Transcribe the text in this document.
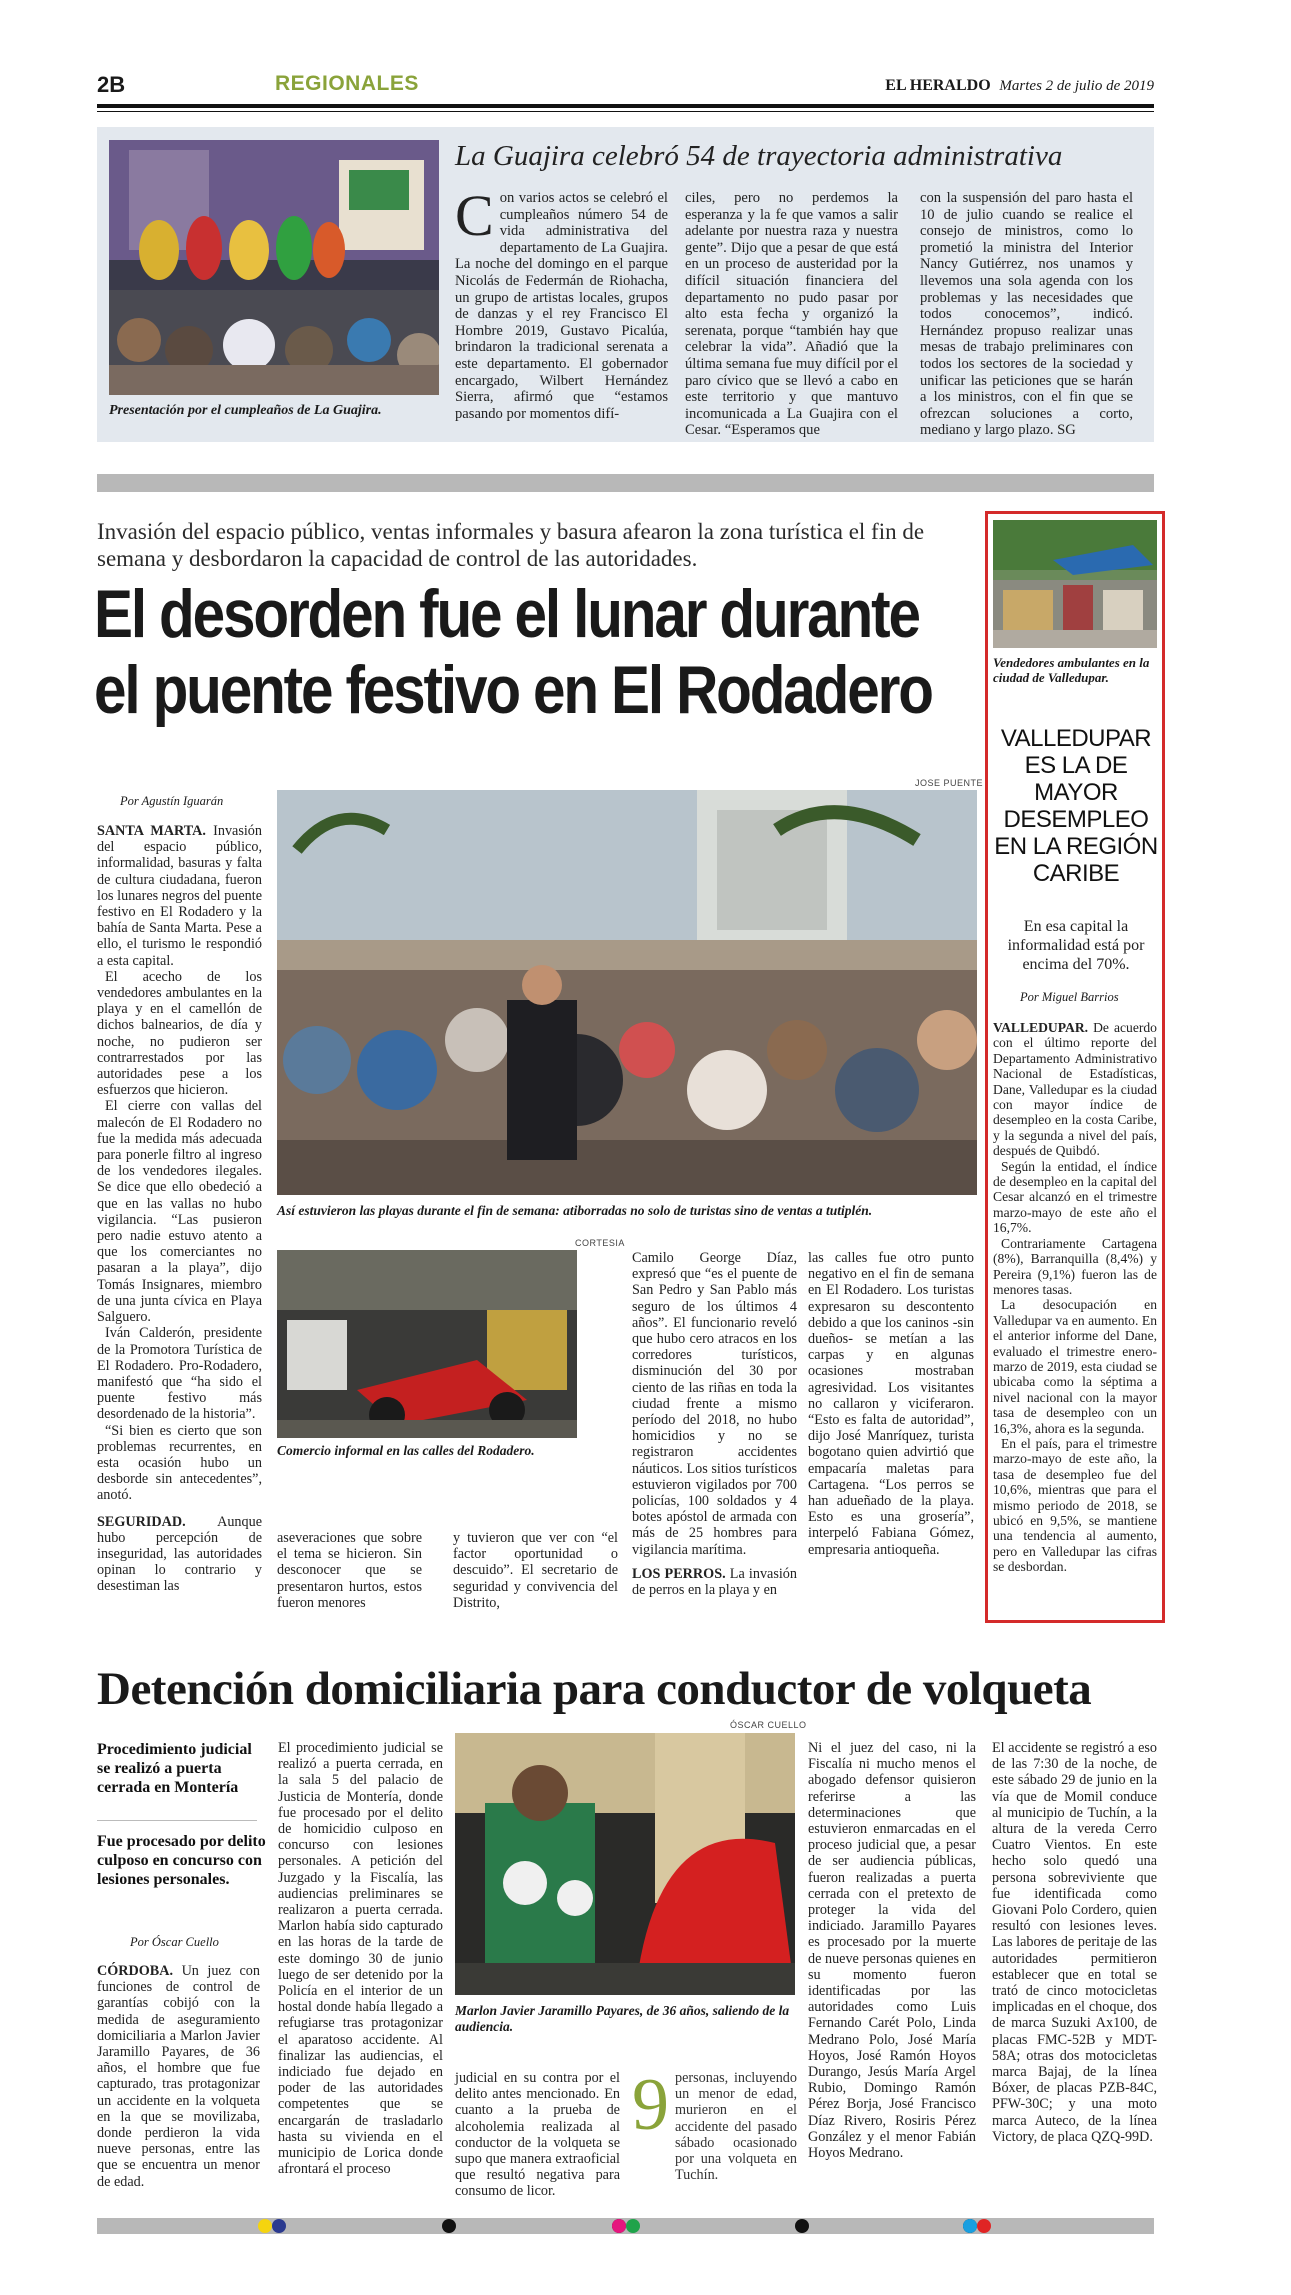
2B	REGIONALES	EL HERALDO Martes 2 de julio de 2019
Presentación por el cumpleaños de La Guajira.
La Guajira celebró 54 de trayectoria administrativa
Con varios actos se celebró el cumpleaños número 54 de vida administrativa del departamento de La Guajira. La noche del domingo en el parque Nicolás de Federmán de Riohacha, un grupo de artistas locales, grupos de danzas y el rey Francisco El Hombre 2019, Gustavo Picalúa, brindaron la tradicional serenata a este departamento. El gobernador encargado, Wilbert Hernández Sierra, afirmó que “estamos pasando por momentos difí-
ciles, pero no perdemos la esperanza y la fe que vamos a salir adelante por nuestra raza y nuestra gente”. Dijo que a pesar de que está en un proceso de austeridad por la difícil situación financiera del departamento no pudo pasar por alto esta fecha y organizó la serenata, porque “también hay que celebrar la vida”. Añadió que la última semana fue muy difícil por el paro cívico que se llevó a cabo en este territorio y que mantuvo incomunicada a La Guajira con el Cesar. “Esperamos que
con la suspensión del paro hasta el 10 de julio cuando se realice el consejo de ministros, como lo prometió la ministra del Interior Nancy Gutiérrez, nos unamos y llevemos una sola agenda con los problemas y las necesidades que todos conocemos”, indicó. Hernández propuso realizar unas mesas de trabajo preliminares con todos los sectores de la sociedad y unificar las peticiones que se harán a los ministros, con el fin que se ofrezcan soluciones a corto, mediano y largo plazo. SG
Invasión del espacio público, ventas informales y basura afearon la zona turística el fin de semana y desbordaron la capacidad de control de las autoridades.
El desorden fue el lunar durante
el puente festivo en El Rodadero
Por Agustín Iguarán
JOSE PUENTE
Así estuvieron las playas durante el fin de semana: atiborradas no solo de turistas sino de ventas a tutiplén.

SANTA MARTA. Invasión del espacio público, informalidad, basuras y falta de cultura ciudadana, fueron los lunares negros del puente festivo en El Rodadero y la bahía de Santa Marta. Pese a ello, el turismo le respondió a esta capital.

El acecho de los vendedores ambulantes en la playa y en el camellón de dichos balnearios, de día y noche, no pudieron ser contrarrestados por las autoridades pese a los esfuerzos que hicieron.

El cierre con vallas del malecón de El Rodadero no fue la medida más adecuada para ponerle filtro al ingreso de los vendedores ilegales. Se dice que ello obedeció a que en las vallas no hubo vigilancia. “Las pusieron pero nadie estuvo atento a que los comerciantes no pasaran a la playa”, dijo Tomás Insignares, miembro de una junta cívica en Playa Salguero.

Iván Calderón, presidente de la Promotora Turística de El Rodadero. Pro-Rodadero, manifestó que “ha sido el puente festivo más desordenado de la historia”.

“Si bien es cierto que son problemas recurrentes, en esta ocasión hubo un desborde sin antecedentes”, anotó.

SEGURIDAD. Aunque hubo percepción de inseguridad, las autoridades opinan lo contrario y desestiman las

CORTESIA
Comercio informal en las calles del Rodadero.
aseveraciones que sobre el tema se hicieron. Sin desconocer que se presentaron hurtos, estos fueron menores
y tuvieron que ver con “el factor oportunidad o descuido”. El secretario de seguridad y convivencia del Distrito,

Camilo George Díaz, expresó que “es el puente de San Pedro y San Pablo más seguro de los últimos 4 años”. El funcionario reveló que hubo cero atracos en los corredores turísticos, disminución del 30 por ciento de las riñas en toda la ciudad frente a mismo período del 2018, no hubo homicidios y no se registraron accidentes náuticos. Los sitios turísticos estuvieron vigilados por 700 policías, 100 soldados y 4 botes apóstol de armada con más de 25 hombres para vigilancia marítima.

LOS PERROS. La invasión de perros en la playa y en

las calles fue otro punto negativo en el fin de semana en El Rodadero. Los turistas expresaron su descontento debido a que los caninos -sin dueños- se metían a las carpas y en algunas ocasiones mostraban agresividad. Los visitantes no callaron y viciferaron. “Esto es falta de autoridad”, dijo José Manríquez, turista bogotano quien advirtió que empacaría maletas para Cartagena. “Los perros se han adueñado de la playa. Esto es una grosería”, interpeló Fabiana Gómez, empresaria antioqueña.
Vendedores ambulantes en la ciudad de Valledupar.
VALLEDUPAR ES LA DE MAYOR DESEMPLEO EN LA REGIÓN CARIBE
En esa capital la informalidad está por encima del 70%.
Por Miguel Barrios

VALLEDUPAR. De acuerdo con el último reporte del Departamento Administrativo Nacional de Estadísticas, Dane, Valledupar es la ciudad con mayor índice de desempleo en la costa Caribe, y la segunda a nivel del país, después de Quibdó.

Según la entidad, el índice de desempleo en la capital del Cesar alcanzó en el trimestre marzo-mayo de este año el 16,7%.

Contrariamente Cartagena (8%), Barranquilla (8,4%) y Pereira (9,1%) fueron las de menores tasas.

La desocupación en Valledupar va en aumento. En el anterior informe del Dane, evaluado el trimestre enero-marzo de 2019, esta ciudad se ubicaba como la séptima a nivel nacional con la mayor tasa de desempleo con un 16,3%, ahora es la segunda.

En el país, para el trimestre marzo-mayo de este año, la tasa de desempleo fue del 10,6%, mientras que para el mismo periodo de 2018, se ubicó en 9,5%, se mantiene una tendencia al aumento, pero en Valledupar las cifras se desbordan.

Detención domiciliaria para conductor de volqueta
Procedimiento judicial se realizó a puerta cerrada en Montería
Fue procesado por delito culposo en concurso con lesiones personales.
Por Óscar Cuello

CÓRDOBA. Un juez con funciones de control de garantías cobijó con la medida de aseguramiento domiciliaria a Marlon Javier Jaramillo Payares, de 36 años, el hombre que fue capturado, tras protagonizar un accidente en la volqueta en la que se movilizaba, donde perdieron la vida nueve personas, entre las que se encuentra un menor de edad.

El procedimiento judicial se realizó a puerta cerrada, en la sala 5 del palacio de Justicia de Montería, donde fue procesado por el delito de homicidio culposo en concurso con lesiones personales. A petición del Juzgado y la Fiscalía, las audiencias preliminares se realizaron a puerta cerrada. Marlon había sido capturado en las horas de la tarde de este domingo 30 de junio luego de ser detenido por la Policía en el interior de un hostal donde había llegado a refugiarse tras protagonizar el aparatoso accidente. Al finalizar las audiencias, el indiciado fue dejado en poder de las autoridades competentes que se encargarán de trasladarlo hasta su vivienda en el municipio de Lorica donde afrontará el proceso
ÓSCAR CUELLO
Marlon Javier Jaramillo Payares, de 36 años, saliendo de la audiencia.
judicial en su contra por el delito antes mencionado. En cuanto a la prueba de alcoholemia realizada al conductor de la volqueta se supo que manera extraoficial que resultó negativa para consumo de licor.
9 personas, incluyendo un menor de edad, murieron en el accidente del pasado sábado ocasionado por una volqueta en Tuchín.
Ni el juez del caso, ni la Fiscalía ni mucho menos el abogado defensor quisieron referirse a las determinaciones que estuvieron enmarcadas en el proceso judicial que, a pesar de ser audiencia públicas, fueron realizadas a puerta cerrada con el pretexto de proteger la vida del indiciado. Jaramillo Payares es procesado por la muerte de nueve personas quienes en su momento fueron identificadas por las autoridades como Luis Fernando Carét Polo, Linda Medrano Polo, José María Hoyos, José Ramón Hoyos Durango, Jesús María Argel Rubio, Domingo Ramón Pérez Borja, José Francisco Díaz Rivero, Rosiris Pérez González y el menor Fabián Hoyos Medrano.
El accidente se registró a eso de las 7:30 de la noche, de este sábado 29 de junio en la vía que de Momil conduce al municipio de Tuchín, a la altura de la vereda Cerro Cuatro Vientos. En este hecho solo quedó una persona sobreviviente que fue identificada como Giovani Polo Cordero, quien resultó con lesiones leves. Las labores de peritaje de las autoridades permitieron establecer que en total se trató de cinco motocicletas implicadas en el choque, dos de marca Suzuki Ax100, de placas FMC-52B y MDT-58A; otras dos motocicletas marca Bajaj, de la línea Bóxer, de placas PZB-84C, PFW-30C; y una moto marca Auteco, de la línea Victory, de placa QZQ-99D.
